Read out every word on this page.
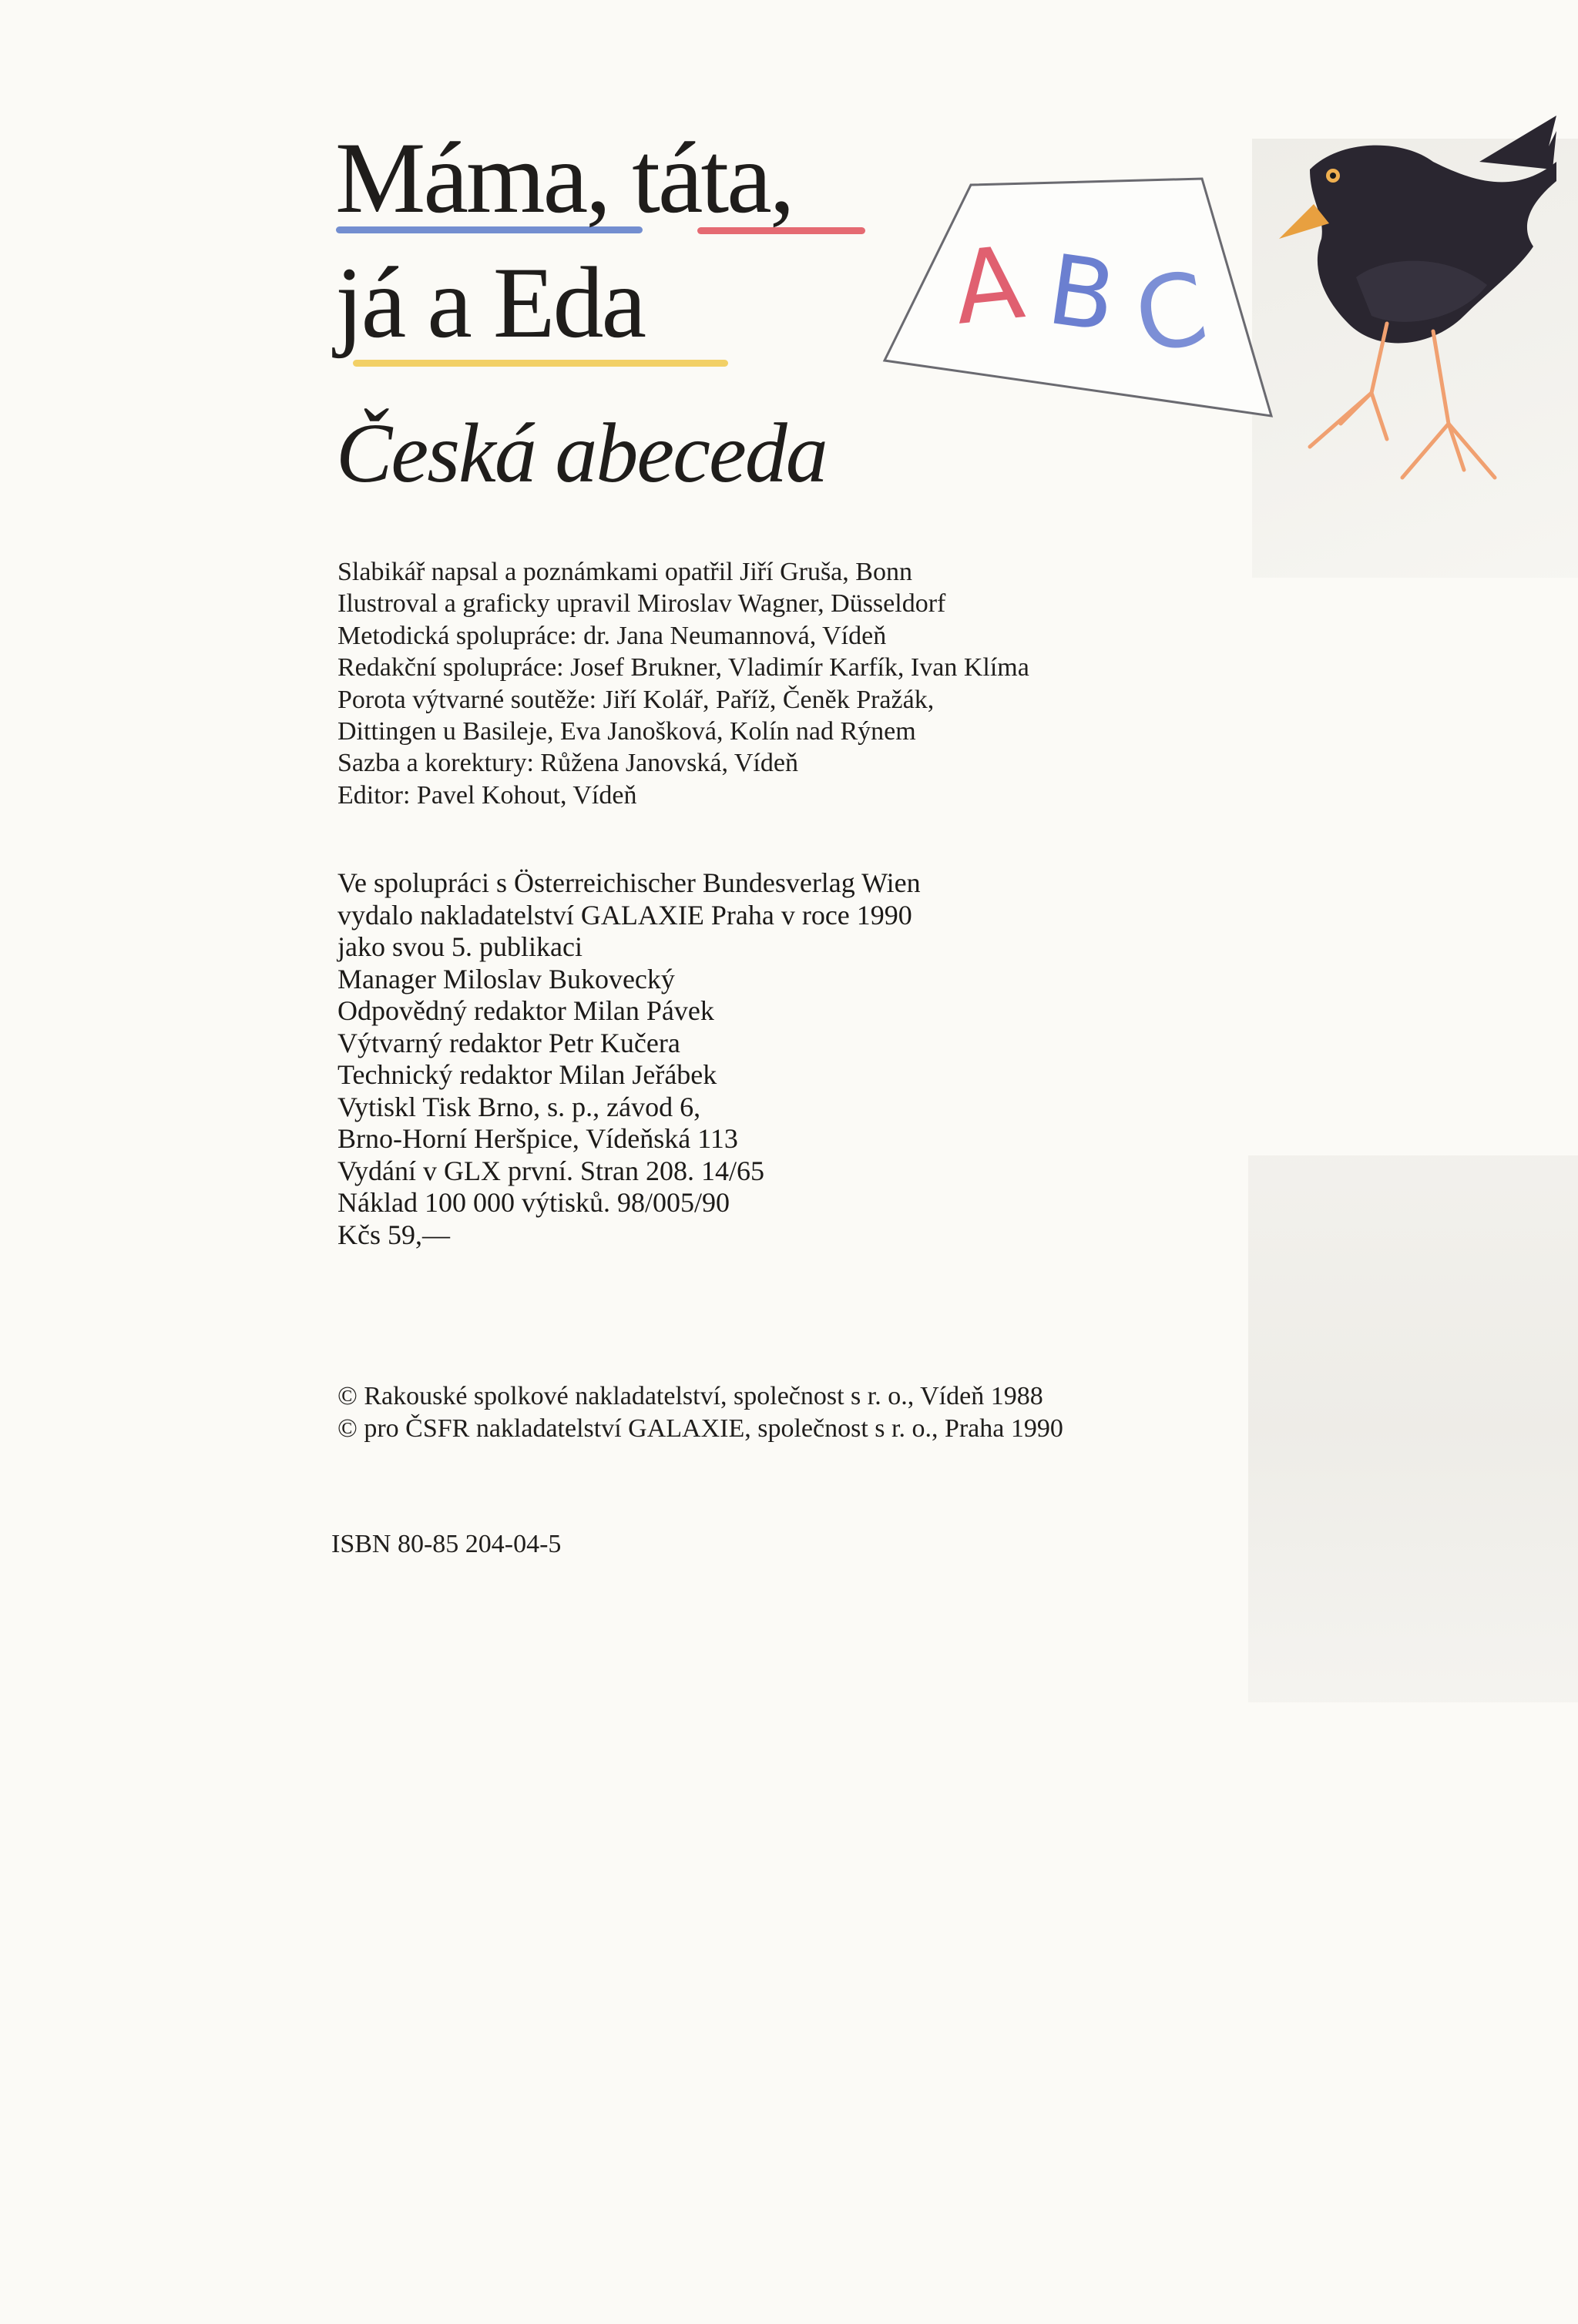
Máma, táta,
já a Eda
Česká abeceda
A B C
Slabikář napsal a poznámkami opatřil Jiří Gruša, Bonn
Ilustroval a graficky upravil Miroslav Wagner, Düsseldorf
Metodická spolupráce: dr. Jana Neumannová, Vídeň
Redakční spolupráce: Josef Brukner, Vladimír Karfík, Ivan Klíma
Porota výtvarné soutěže: Jiří Kolář, Paříž, Čeněk Pražák,
Dittingen u Basileje, Eva Janošková, Kolín nad Rýnem
Sazba a korektury: Růžena Janovská, Vídeň
Editor: Pavel Kohout, Vídeň
Ve spolupráci s Österreichischer Bundesverlag Wien
vydalo nakladatelství GALAXIE Praha v roce 1990
jako svou 5. publikaci
Manager Miloslav Bukovecký
Odpovědný redaktor Milan Pávek
Výtvarný redaktor Petr Kučera
Technický redaktor Milan Jeřábek
Vytiskl Tisk Brno, s. p., závod 6,
Brno-Horní Heršpice, Vídeňská 113
Vydání v GLX první. Stran 208. 14/65
Náklad 100 000 výtisků. 98/005/90
Kčs 59,—
© Rakouské spolkové nakladatelství, společnost s r. o., Vídeň 1988
© pro ČSFR nakladatelství GALAXIE, společnost s r. o., Praha 1990
ISBN 80-85 204-04-5
